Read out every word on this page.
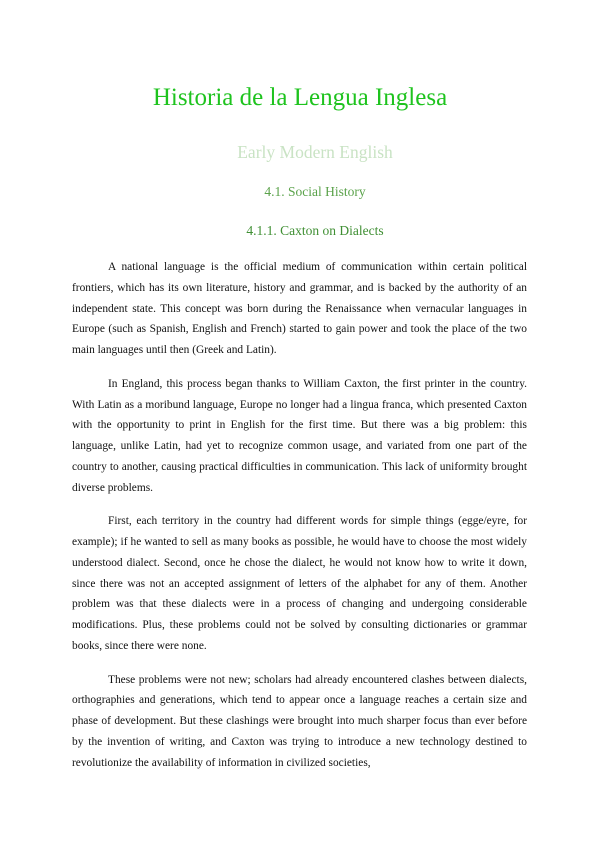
Historia de la Lengua Inglesa
Early Modern English
4.1. Social History
4.1.1. Caxton on Dialects

A national language is the official medium of communication within certain political frontiers, which has its own literature, history and grammar, and is backed by the authority of an independent state. This concept was born during the Renaissance when vernacular languages in Europe (such as Spanish, English and French) started to gain power and took the place of the two main languages until then (Greek and Latin).

In England, this process began thanks to William Caxton, the first printer in the country. With Latin as a moribund language, Europe no longer had a lingua franca, which presented Caxton with the opportunity to print in English for the first time. But there was a big problem: this language, unlike Latin, had yet to recognize common usage, and variated from one part of the country to another, causing practical difficulties in communication. This lack of uniformity brought diverse problems.

First, each territory in the country had different words for simple things (egge/eyre, for example); if he wanted to sell as many books as possible, he would have to choose the most widely understood dialect. Second, once he chose the dialect, he would not know how to write it down, since there was not an accepted assignment of letters of the alphabet for any of them. Another problem was that these dialects were in a process of changing and undergoing considerable modifications. Plus, these problems could not be solved by consulting dictionaries or grammar books, since there were none.

These problems were not new; scholars had already encountered clashes between dialects, orthographies and generations, which tend to appear once a language reaches a certain size and phase of development. But these clashings were brought into much sharper focus than ever before by the invention of writing, and Caxton was trying to introduce a new technology destined to revolutionize the availability of information in civilized societies,
